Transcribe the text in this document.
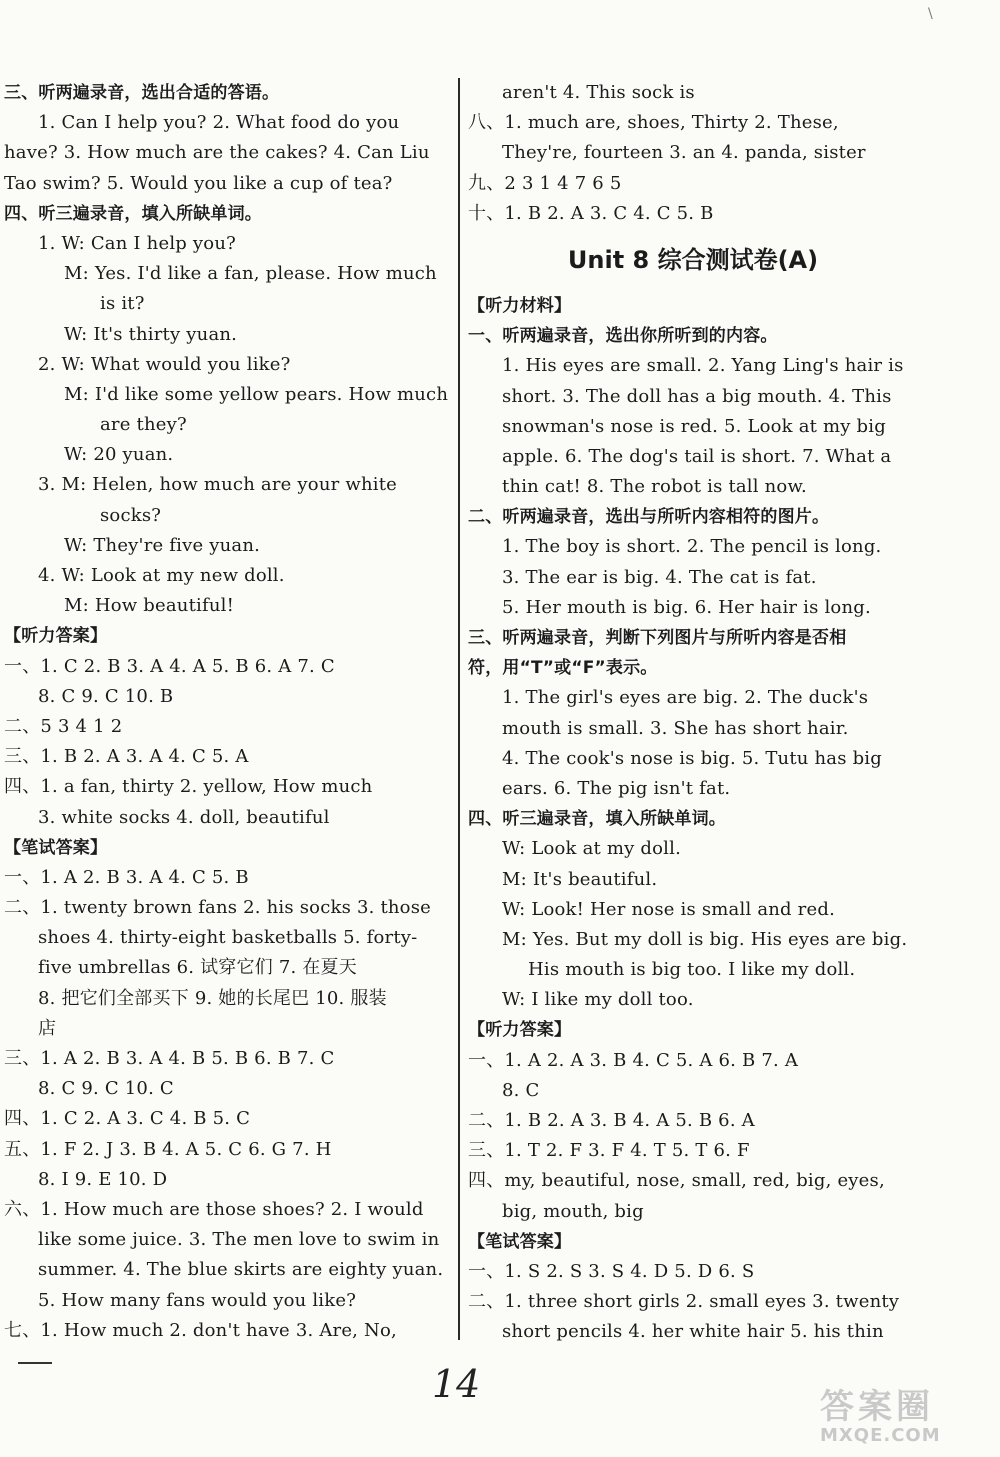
\
三、听两遍录音，选出合适的答语。
1. Can I help you? 2. What food do you
have? 3. How much are the cakes? 4. Can Liu
Tao swim? 5. Would you like a cup of tea?
四、听三遍录音，填入所缺单词。
1. W: Can I help you?
M: Yes. I'd like a fan, please. How much
is it?
W: It's thirty yuan.
2. W: What would you like?
M: I'd like some yellow pears. How much
are they?
W: 20 yuan.
3. M: Helen, how much are your white
socks?
W: They're five yuan.
4. W: Look at my new doll.
M: How beautiful!
【听力答案】
一、1. C 2. B 3. A 4. A 5. B 6. A 7. C
8. C 9. C 10. B
二、5 3 4 1 2
三、1. B 2. A 3. A 4. C 5. A
四、1. a fan, thirty 2. yellow, How much
3. white socks 4. doll, beautiful
【笔试答案】
一、1. A 2. B 3. A 4. C 5. B
二、1. twenty brown fans 2. his socks 3. those
shoes 4. thirty-eight basketballs 5. forty-
five umbrellas 6. 试穿它们 7. 在夏天
8. 把它们全部买下 9. 她的长尾巴 10. 服装
店
三、1. A 2. B 3. A 4. B 5. B 6. B 7. C
8. C 9. C 10. C
四、1. C 2. A 3. C 4. B 5. C
五、1. F 2. J 3. B 4. A 5. C 6. G 7. H
8. I 9. E 10. D
六、1. How much are those shoes? 2. I would
like some juice. 3. The men love to swim in
summer. 4. The blue skirts are eighty yuan.
5. How many fans would you like?
七、1. How much 2. don't have 3. Are, No,
aren't 4. This sock is
八、1. much are, shoes, Thirty 2. These,
They're, fourteen 3. an 4. panda, sister
九、2 3 1 4 7 6 5
十、1. B 2. A 3. C 4. C 5. B
Unit 8 综合测试卷(A)
【听力材料】
一、听两遍录音，选出你所听到的内容。
1. His eyes are small. 2. Yang Ling's hair is
short. 3. The doll has a big mouth. 4. This
snowman's nose is red. 5. Look at my big
apple. 6. The dog's tail is short. 7. What a
thin cat! 8. The robot is tall now.
二、听两遍录音，选出与所听内容相符的图片。
1. The boy is short. 2. The pencil is long.
3. The ear is big. 4. The cat is fat.
5. Her mouth is big. 6. Her hair is long.
三、听两遍录音，判断下列图片与所听内容是否相
符，用“T”或“F”表示。
1. The girl's eyes are big. 2. The duck's
mouth is small. 3. She has short hair.
4. The cook's nose is big. 5. Tutu has big
ears. 6. The pig isn't fat.
四、听三遍录音，填入所缺单词。
W: Look at my doll.
M: It's beautiful.
W: Look! Her nose is small and red.
M: Yes. But my doll is big. His eyes are big.
His mouth is big too. I like my doll.
W: I like my doll too.
【听力答案】
一、1. A 2. A 3. B 4. C 5. A 6. B 7. A
8. C
二、1. B 2. A 3. B 4. A 5. B 6. A
三、1. T 2. F 3. F 4. T 5. T 6. F
四、my, beautiful, nose, small, red, big, eyes,
big, mouth, big
【笔试答案】
一、1. S 2. S 3. S 4. D 5. D 6. S
二、1. three short girls 2. small eyes 3. twenty
short pencils 4. her white hair 5. his thin
14
答案圈
MXQE.COM
